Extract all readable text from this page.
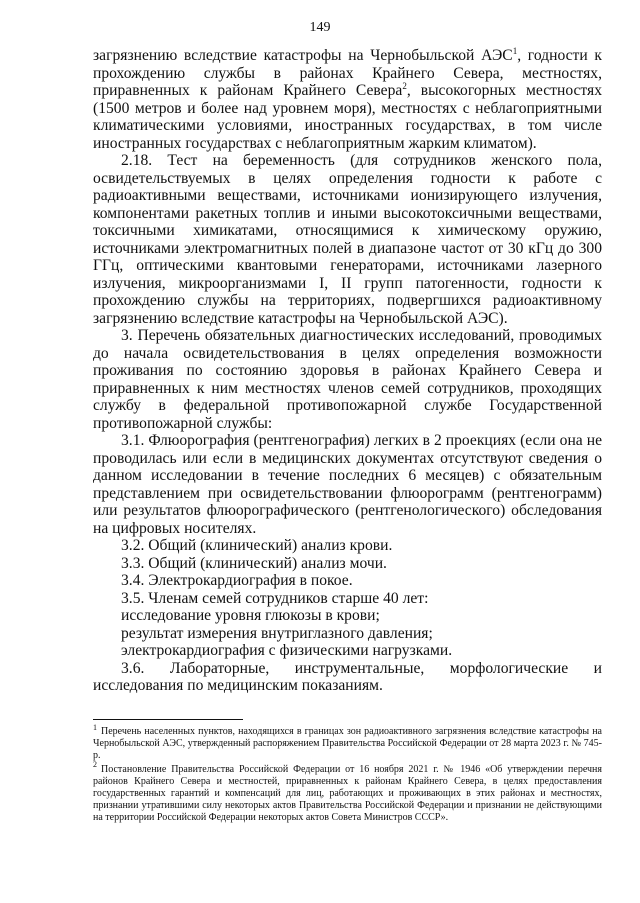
149

загрязнению вследствие катастрофы на Чернобыльской АЭС$^1$, годности к прохождению службы в районах Крайнего Севера, местностях, приравненных к районам Крайнего Севера$^2$, высокогорных местностях (1500 метров и более над уровнем моря), местностях с неблагоприятными климатическими условиями, иностранных государствах, в том числе иностранных государствах с неблагоприятным жарким климатом).

2.18. Тест на беременность (для сотрудников женского пола, освидетельствуемых в целях определения годности к работе с радиоактивными веществами, источниками ионизирующего излучения, компонентами ракетных топлив и иными высокотоксичными веществами, токсичными химикатами, относящимися к химическому оружию, источниками электромагнитных полей в диапазоне частот от 30 кГц до 300 ГГц, оптическими квантовыми генераторами, источниками лазерного излучения, микроорганизмами I, II групп патогенности, годности к прохождению службы на территориях, подвергшихся радиоактивному загрязнению вследствие катастрофы на Чернобыльской АЭС).

3. Перечень обязательных диагностических исследований, проводимых до начала освидетельствования в целях определения возможности проживания по состоянию здоровья в районах Крайнего Севера и приравненных к ним местностях членов семей сотрудников, проходящих службу в федеральной противопожарной службе Государственной противопожарной службы:

3.1. Флюорография (рентгенография) легких в 2 проекциях (если она не проводилась или если в медицинских документах отсутствуют сведения о данном исследовании в течение последних 6 месяцев) с обязательным представлением при освидетельствовании флюорограмм (рентгенограмм) или результатов флюорографического (рентгенологического) обследования на цифровых носителях.

3.2. Общий (клинический) анализ крови.

3.3. Общий (клинический) анализ мочи.

3.4. Электрокардиография в покое.

3.5. Членам семей сотрудников старше 40 лет:

исследование уровня глюкозы в крови;

результат измерения внутриглазного давления;

электрокардиография с физическими нагрузками.

3.6. Лабораторные, инструментальные, морфологические и исследования по медицинским показаниям.

$^1$ Перечень населенных пунктов, находящихся в границах зон радиоактивного загрязнения вследствие катастрофы на Чернобыльской АЭС, утвержденный распоряжением Правительства Российской Федерации от 28 марта 2023 г. № 745-р.

$^2$ Постановление Правительства Российской Федерации от 16 ноября 2021 г. № 1946 «Об утверждении перечня районов Крайнего Севера и местностей, приравненных к районам Крайнего Севера, в целях предоставления государственных гарантий и компенсаций для лиц, работающих и проживающих в этих районах и местностях, признании утратившими силу некоторых актов Правительства Российской Федерации и признании не действующими на территории Российской Федерации некоторых актов Совета Министров СССР».
